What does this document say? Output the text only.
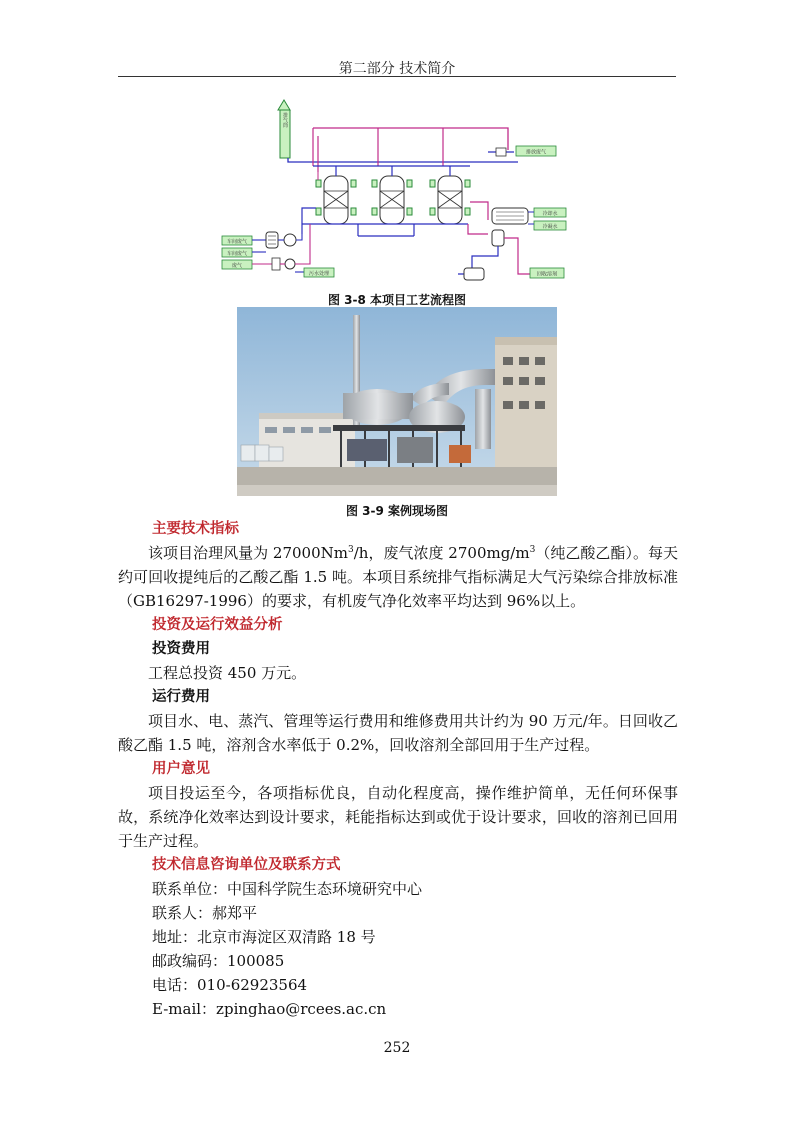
第二部分 技术简介
排气筒
排放废气
冷却水
冷凝水
回收溶剂
车间废气
车间废气
废气
污水处理
图 3-8 本项目工艺流程图
图 3-9 案例现场图
主要技术指标
该项目治理风量为 27000Nm$^3$/h，废气浓度 $2700mg/m^3$（纯乙酸乙酯）。每天约可回收提纯后的乙酸乙酯 1.5 吨。本项目系统排气指标满足大气污染综合排放标准（GB16297-1996）的要求，有机废气净化效率平均达到 96%以上。
投资及运行效益分析
投资费用
工程总投资 450 万元。
运行费用
项目水、电、蒸汽、管理等运行费用和维修费用共计约为 90 万元/年。日回收乙酸乙酯 1.5 吨，溶剂含水率低于 0.2%，回收溶剂全部回用于生产过程。
用户意见
项目投运至今，各项指标优良，自动化程度高，操作维护简单，无任何环保事故，系统净化效率达到设计要求，耗能指标达到或优于设计要求，回收的溶剂已回用于生产过程。
技术信息咨询单位及联系方式
联系单位：中国科学院生态环境研究中心
联系人：郝郑平
地址：北京市海淀区双清路 18 号
邮政编码：100085
电话：010-62923564
E-mail：zpinghao@rcees.ac.cn
252
